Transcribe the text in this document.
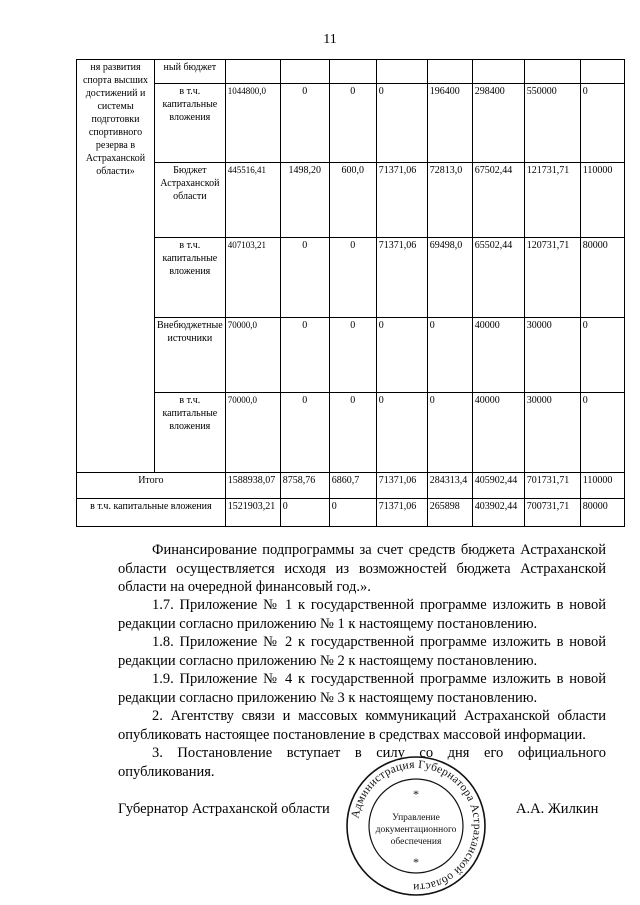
11
ня развития спорта высших достижений и системы подготовки спортивного резерва в Астраханской области»	ный бюджет								
	в т.ч. капитальные вложения	1044800,0	0	0	0	196400	298400	550000	0
	Бюджет Астраханской области	445516,41	1498,20	600,0	71371,06	72813,0	67502,44	121731,71	110000
	в т.ч. капитальные вложения	407103,21	0	0	71371,06	69498,0	65502,44	120731,71	80000
	Внебюджетные источники	70000,0	0	0	0	0	40000	30000	0
	в т.ч. капитальные вложения	70000,0	0	0	0	0	40000	30000	0
Итого		1588938,07	8758,76	6860,7	71371,06	284313,4	405902,44	701731,71	110000
в т.ч. капитальные вложения		1521903,21	0	0	71371,06	265898	403902,44	700731,71	80000
Финансирование подпрограммы за счет средств бюджета Астраханской области осуществляется исходя из возможностей бюджета Астраханской области на очередной финансовый год.».
1.7. Приложение № 1 к государственной программе изложить в новой редакции согласно приложению № 1 к настоящему постановлению.
1.8. Приложение № 2 к государственной программе изложить в новой редакции согласно приложению № 2 к настоящему постановлению.
1.9. Приложение № 4 к государственной программе изложить в новой редакции согласно приложению № 3 к настоящему постановлению.
2. Агентству связи и массовых коммуникаций Астраханской области опубликовать настоящее постановление в средствах массовой информации.
3. Постановление вступает в силу со дня его официального опубликования.
Губернатор Астраханской области	А.А. Жилкин
Администрация Губернатора Астраханской области
*
*
Управление
документационного
обеспечения
